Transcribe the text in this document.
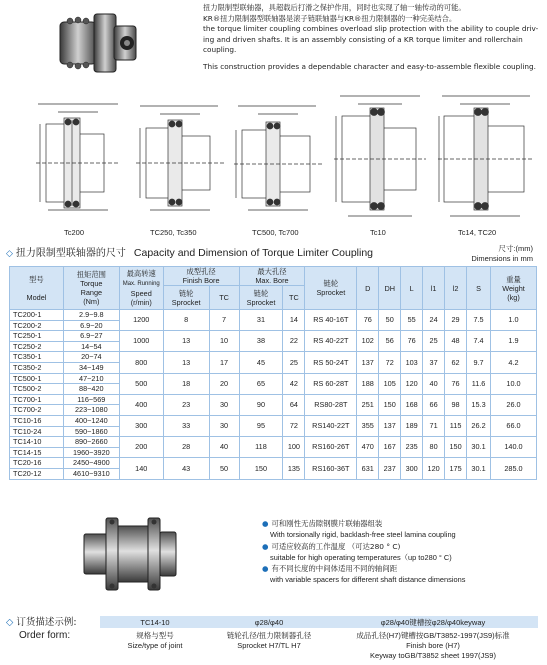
扭力限制型联轴器，具超载后打滑之保护作用，同时也实现了轴一轴传动的可能。

KR®扭力限制器型联轴器是滚子链联轴器与KR®扭力限制器的一种完美结合。

the torque limiter coupling combines overload slip protection with the ability to couple driv-

ing and driven shafts. It is an assembly consisting of a KR torque limiter and rollerchain

coupling.

This construction provides a dependable character and easy-to-assemble flexible coupling.

Tc200	TC250, Tc350	TC500, Tc700	Tc10	Tc14, TC20
◇ 扭力限制型联轴器的尺寸 Capacity and Dimension of Torque Limiter Coupling	尺寸:(mm)
Dimensions in mm
型号

Model	扭矩范围
Torque
Range
(Nm)	最高转速
Max. Running
Speed
(r/min)	成型孔径
Finish Bore		最大孔径
Max. Bore		链轮
Sprocket	D	DH	L	l1	l2	S	重量
Weight
(kg)
			链轮
Sprocket	TC	链轮
Sprocket	TC								
TC200-1	2.9~9.8	1200	8	7	31	14	RS 40-16T	76	50	55	24	29	7.5	1.0
TC200-2	6.9~20													
TC250-1	6.9~27	1000	13	10	38	22	RS 40-22T	102	56	76	25	48	7.4	1.9
TC250-2	14~54													
TC350-1	20~74	800	13	17	45	25	RS 50-24T	137	72	103	37	62	9.7	4.2
TC350-2	34~149													
TC500-1	47~210	500	18	20	65	42	RS 60-28T	188	105	120	40	76	11.6	10.0
TC500-2	88~420													
TC700-1	116~569	400	23	30	90	64	RS80-28T	251	150	168	66	98	15.3	26.0
TC700-2	223~1080													
TC10-16	400~1240	300	33	30	95	72	RS140-22T	355	137	189	71	115	26.2	66.0
TC10-24	590~1860													
TC14-10	890~2660	200	28	40	118	100	RS160-26T	470	167	235	80	150	30.1	140.0
TC14-15	1960~3920													
TC20-16	2450~4900	140	43	50	150	135	RS160-36T	631	237	300	120	175	30.1	285.0
TC20-12	4610~9310													

● 可和刚性无齿隙钢膜片联轴器组装

With torsionally rigid, backlash-free steel lamina coupling

● 可适应较高的工作温度 （可达280 ° C)

suitable for high operating temperatures（up to280 ° C)

● 有不同长度的中间体适用不同的轴间距

with variable spacers for different shaft distance dimensions

◇ 订货描述示例:
Order form:
TC14-10	φ28/φ40	φ28/φ40键槽按φ28/φ40keyway
规格与型号
Size/type of joint	链轮孔径/扭力限制器孔径
Sprocket H7/TL H7	成品孔径(H7)键槽按GB/T3852-1997(JS9)标准
Finish bore (H7)
Keyway toGB/T3852 sheet 1997(JS9)
